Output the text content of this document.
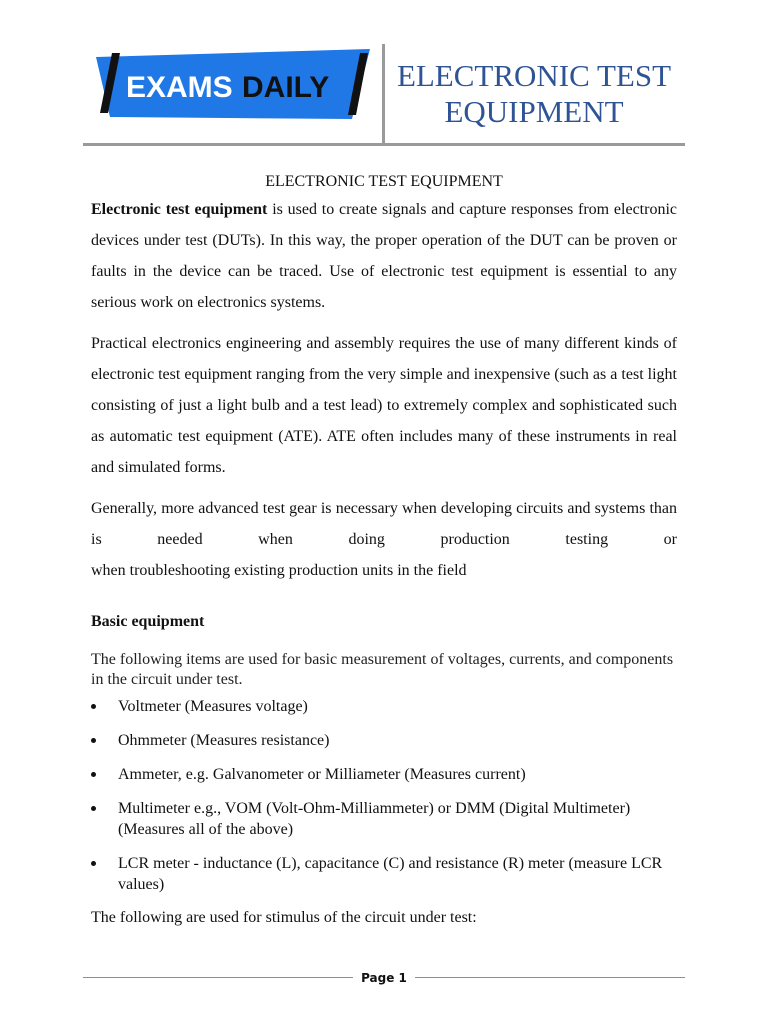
EXAMS DAILY ELECTRONIC TEST
EQUIPMENT
ELECTRONIC TEST EQUIPMENT

Electronic test equipment is used to create signals and capture responses from electronic devices under test (DUTs). In this way, the proper operation of the DUT can be proven or faults in the device can be traced. Use of electronic test equipment is essential to any serious work on electronics systems.

Practical electronics engineering and assembly requires the use of many different kinds of electronic test equipment ranging from the very simple and inexpensive (such as a test light consisting of just a light bulb and a test lead) to extremely complex and sophisticated such as automatic test equipment (ATE). ATE often includes many of these instruments in real and simulated forms.

Generally, more advanced test gear is necessary when developing circuits and systems than is needed when doing production testing or

when troubleshooting existing production units in the field

Basic equipment
The following items are used for basic measurement of voltages, currents, and components in the circuit under test.
Voltmeter (Measures voltage)
Ohmmeter (Measures resistance)
Ammeter, e.g. Galvanometer or Milliameter (Measures current)
Multimeter e.g., VOM (Volt-Ohm-Milliammeter) or DMM (Digital Multimeter) (Measures all of the above)
LCR meter - inductance (L), capacitance (C) and resistance (R) meter (measure LCR values)
The following are used for stimulus of the circuit under test:
Page 1
